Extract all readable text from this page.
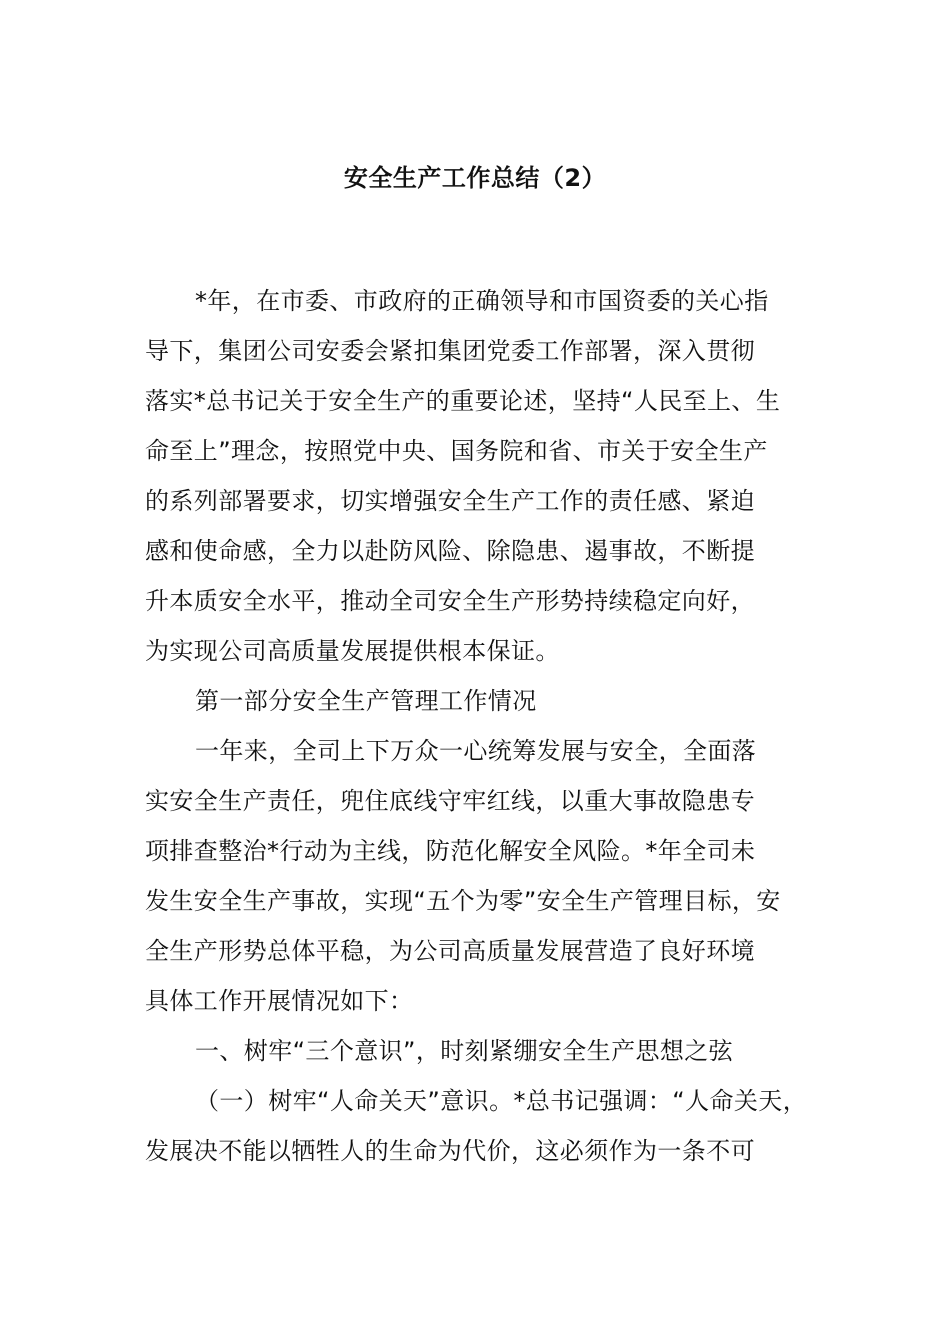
安全生产工作总结（2）
*年，在市委、市政府的正确领导和市国资委的关心指
导下，集团公司安委会紧扣集团党委工作部署，深入贯彻
落实*总书记关于安全生产的重要论述，坚持“人民至上、生
命至上”理念，按照党中央、国务院和省、市关于安全生产
的系列部署要求，切实增强安全生产工作的责任感、紧迫
感和使命感，全力以赴防风险、除隐患、遏事故，不断提
升本质安全水平，推动全司安全生产形势持续稳定向好，
为实现公司高质量发展提供根本保证。
第一部分安全生产管理工作情况
一年来，全司上下万众一心统筹发展与安全，全面落
实安全生产责任，兜住底线守牢红线，以重大事故隐患专
项排查整治*行动为主线，防范化解安全风险。*年全司未
发生安全生产事故，实现“五个为零”安全生产管理目标，安
全生产形势总体平稳，为公司高质量发展营造了良好环境
具体工作开展情况如下：
一、树牢“三个意识”，时刻紧绷安全生产思想之弦
（一）树牢“人命关天”意识。*总书记强调：“人命关天，
发展决不能以牺牲人的生命为代价，这必须作为一条不可
